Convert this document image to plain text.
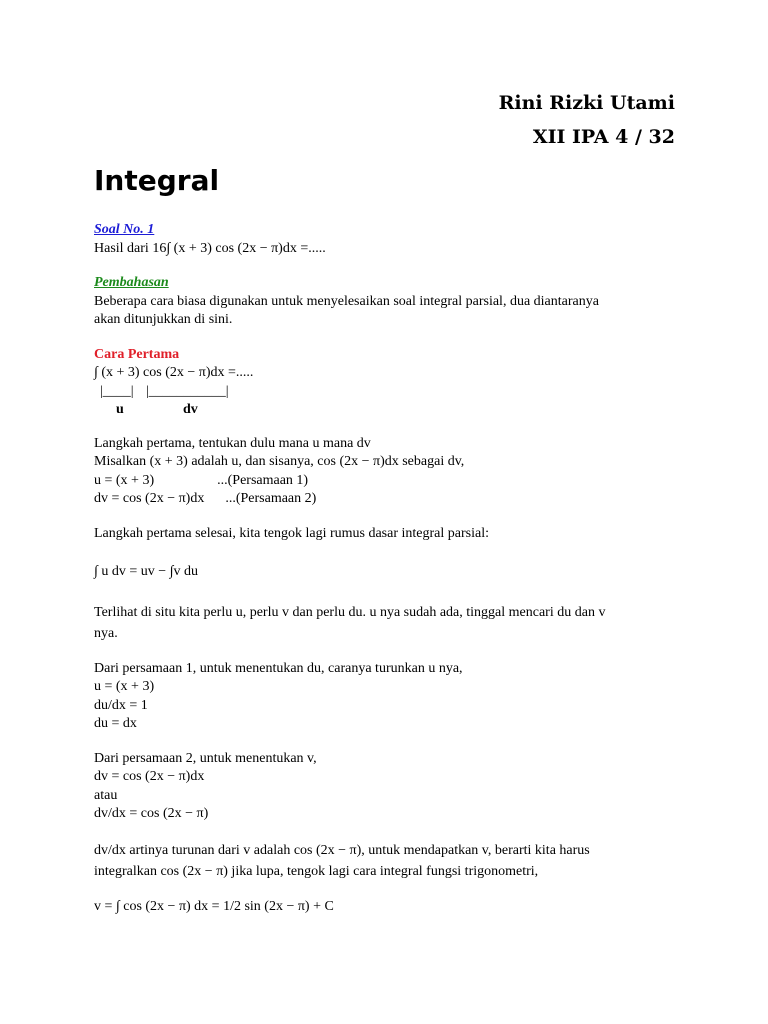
Rini Rizki Utami
XII IPA 4 / 32
Integral
Soal No. 1
Hasil dari 16∫ (x + 3) cos (2x − π)dx =.....
Pembahasan
Beberapa cara biasa digunakan untuk menyelesaikan soal integral parsial, dua diantaranya
akan ditunjukkan di sini.
Cara Pertama
∫ (x + 3) cos (2x − π)dx =.....
|____| |___________|
u	dv
Langkah pertama, tentukan dulu mana u mana dv
Misalkan (x + 3) adalah u, dan sisanya, cos (2x − π)dx sebagai dv,
u = (x + 3)                  ...(Persamaan 1)
dv = cos (2x − π)dx      ...(Persamaan 2)
Langkah pertama selesai, kita tengok lagi rumus dasar integral parsial:
∫ u dv = uv − ∫v du
Terlihat di situ kita perlu u, perlu v dan perlu du. u nya sudah ada, tinggal mencari du dan v
nya.
Dari persamaan 1, untuk menentukan du, caranya turunkan u nya,
u = (x + 3)
du/dx = 1
du = dx
Dari persamaan 2, untuk menentukan v,
dv = cos (2x − π)dx
atau
dv/dx = cos (2x − π)
dv/dx artinya turunan dari v adalah cos (2x − π), untuk mendapatkan v, berarti kita harus
integralkan cos (2x − π) jika lupa, tengok lagi cara integral fungsi trigonometri,
v = ∫ cos (2x − π) dx = 1/2 sin (2x − π) + C
